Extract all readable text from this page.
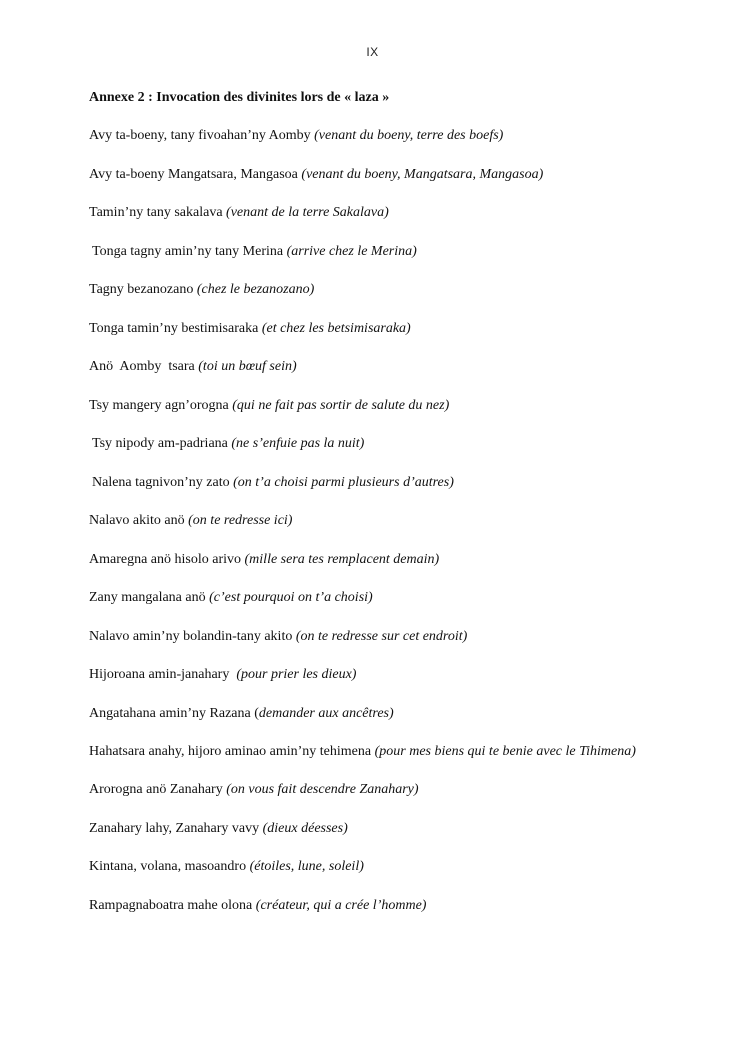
IX
Annexe 2 : Invocation des divinites lors de « laza »
Avy ta-boeny, tany fivoahan’ny Aomby (venant du boeny, terre des boefs)
Avy ta-boeny Mangatsara, Mangasoa (venant du boeny, Mangatsara, Mangasoa)
Tamin’ny tany sakalava (venant de la terre Sakalava)
Tonga tagny amin’ny tany Merina (arrive chez le Merina)
Tagny bezanozano (chez le bezanozano)
Tonga tamin’ny bestimisaraka (et chez les betsimisaraka)
Anö  Aomby  tsara (toi un bœuf sein)
Tsy mangery agn’orogna (qui ne fait pas sortir de salute du nez)
Tsy nipody am-padriana (ne s’enfuie pas la nuit)
Nalena tagnivon’ny zato (on t’a choisi parmi plusieurs d’autres)
Nalavo akito anö (on te redresse ici)
Amaregna anö hisolo arivo (mille sera tes remplacent demain)
Zany mangalana anö (c’est pourquoi on t’a choisi)
Nalavo amin’ny bolandin-tany akito (on te redresse sur cet endroit)
Hijoroana amin-janahary  (pour prier les dieux)
Angatahana amin’ny Razana (demander aux ancêtres)
Hahatsara anahy, hijoro aminao amin’ny tehimena (pour mes biens qui te benie avec le Tihimena)
Arorogna anö Zanahary (on vous fait descendre Zanahary)
Zanahary lahy, Zanahary vavy (dieux déesses)
Kintana, volana, masoandro (étoiles, lune, soleil)
Rampagnaboatra mahe olona (créateur, qui a crée l’homme)
